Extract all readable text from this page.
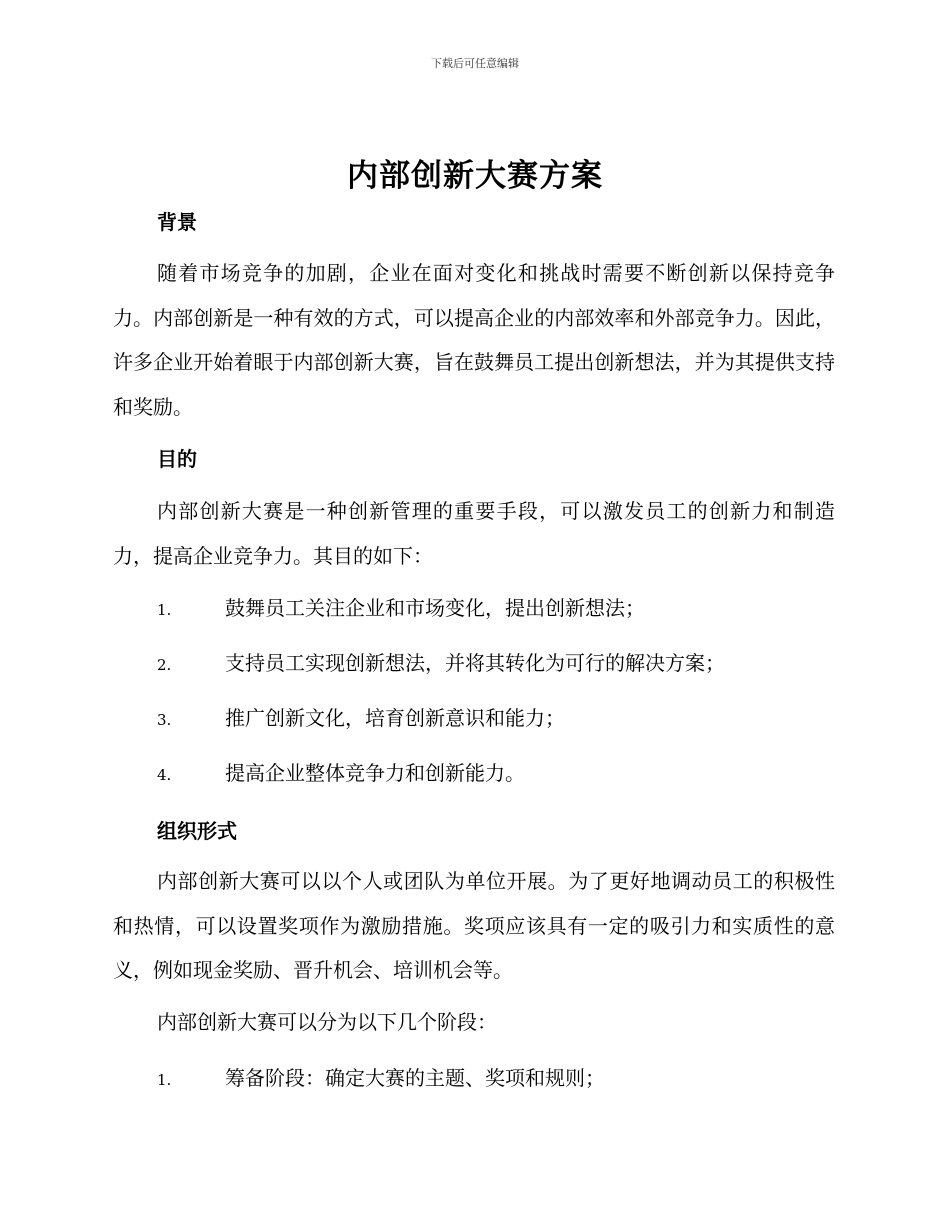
下载后可任意编辑
内部创新大赛方案
背景
随着市场竞争的加剧，企业在面对变化和挑战时需要不断创新以保持竞争力。内部创新是一种有效的方式，可以提高企业的内部效率和外部竞争力。因此，许多企业开始着眼于内部创新大赛，旨在鼓舞员工提出创新想法，并为其提供支持和奖励。
目的
内部创新大赛是一种创新管理的重要手段，可以激发员工的创新力和制造力，提高企业竞争力。其目的如下：
1.	鼓舞员工关注企业和市场变化，提出创新想法；
2.	支持员工实现创新想法，并将其转化为可行的解决方案；
3.	推广创新文化，培育创新意识和能力；
4.	提高企业整体竞争力和创新能力。
组织形式
内部创新大赛可以以个人或团队为单位开展。为了更好地调动员工的积极性和热情，可以设置奖项作为激励措施。奖项应该具有一定的吸引力和实质性的意义，例如现金奖励、晋升机会、培训机会等。
内部创新大赛可以分为以下几个阶段：
1.	筹备阶段：确定大赛的主题、奖项和规则；
